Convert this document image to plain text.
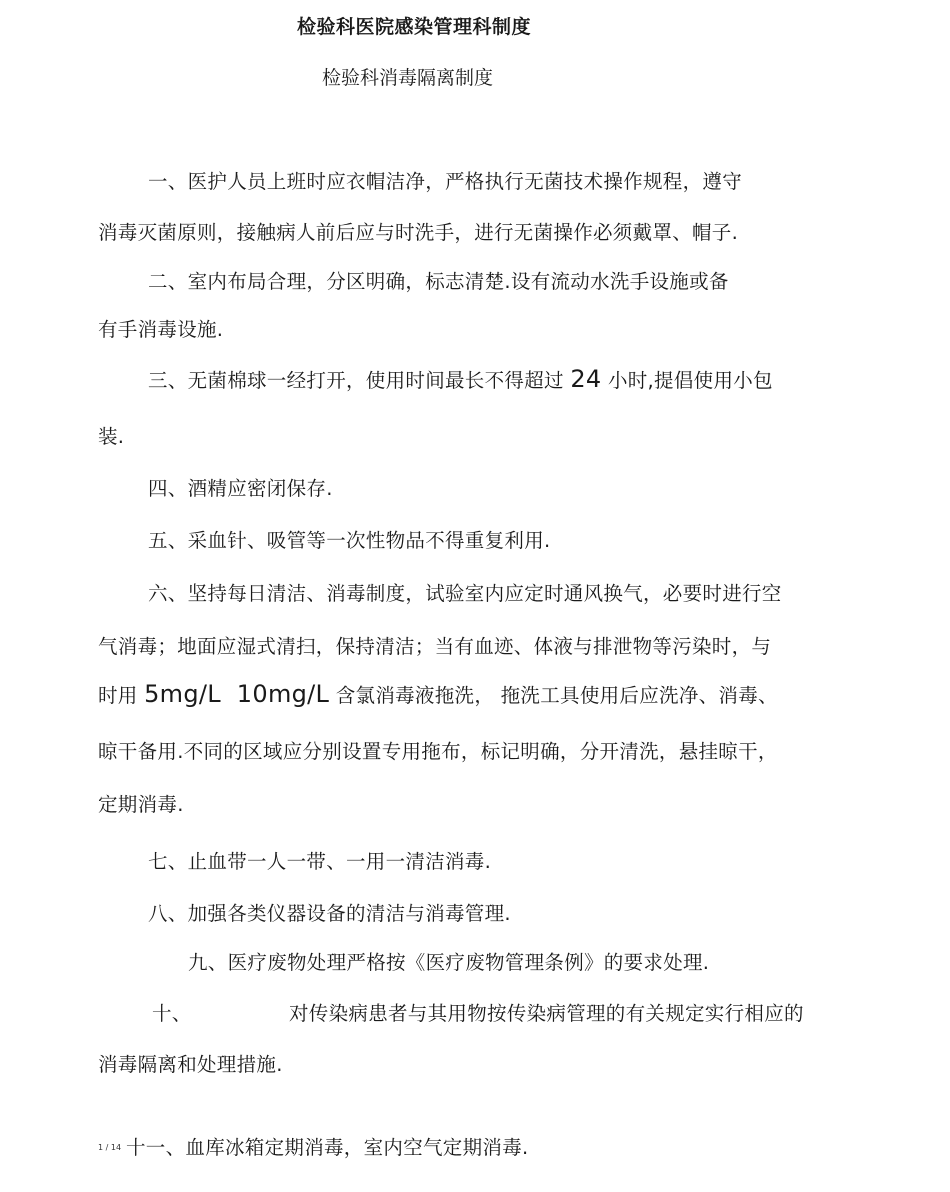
检验科医院感染管理科制度
检验科消毒隔离制度
一、医护人员上班时应衣帽洁净，严格执行无菌技术操作规程，遵守
消毒灭菌原则，接触病人前后应与时洗手，进行无菌操作必须戴罩、帽子.
二、室内布局合理，分区明确，标志清楚.设有流动水洗手设施或备
有手消毒设施.
三、无菌棉球一经打开，使用时间最长不得超过 24 小时,提倡使用小包
装.
四、酒精应密闭保存.
五、采血针、吸管等一次性物品不得重复利用.
六、坚持每日清洁、消毒制度，试验室内应定时通风换气，必要时进行空
气消毒；地面应湿式清扫，保持清洁；当有血迹、体液与排泄物等污染时，与
时用 5mg/L  10mg/L 含氯消毒液拖洗， 拖洗工具使用后应洗净、消毒、
晾干备用.不同的区域应分别设置专用拖布，标记明确，分开清洗，悬挂晾干，
定期消毒.
七、止血带一人一带、一用一清洁消毒.
八、加强各类仪器设备的清洁与消毒管理.
九、医疗废物处理严格按《医疗废物管理条例》的要求处理.
十、	对传染病患者与其用物按传染病管理的有关规定实行相应的
消毒隔离和处理措施.
1 / 14 十一、血库冰箱定期消毒，室内空气定期消毒.
